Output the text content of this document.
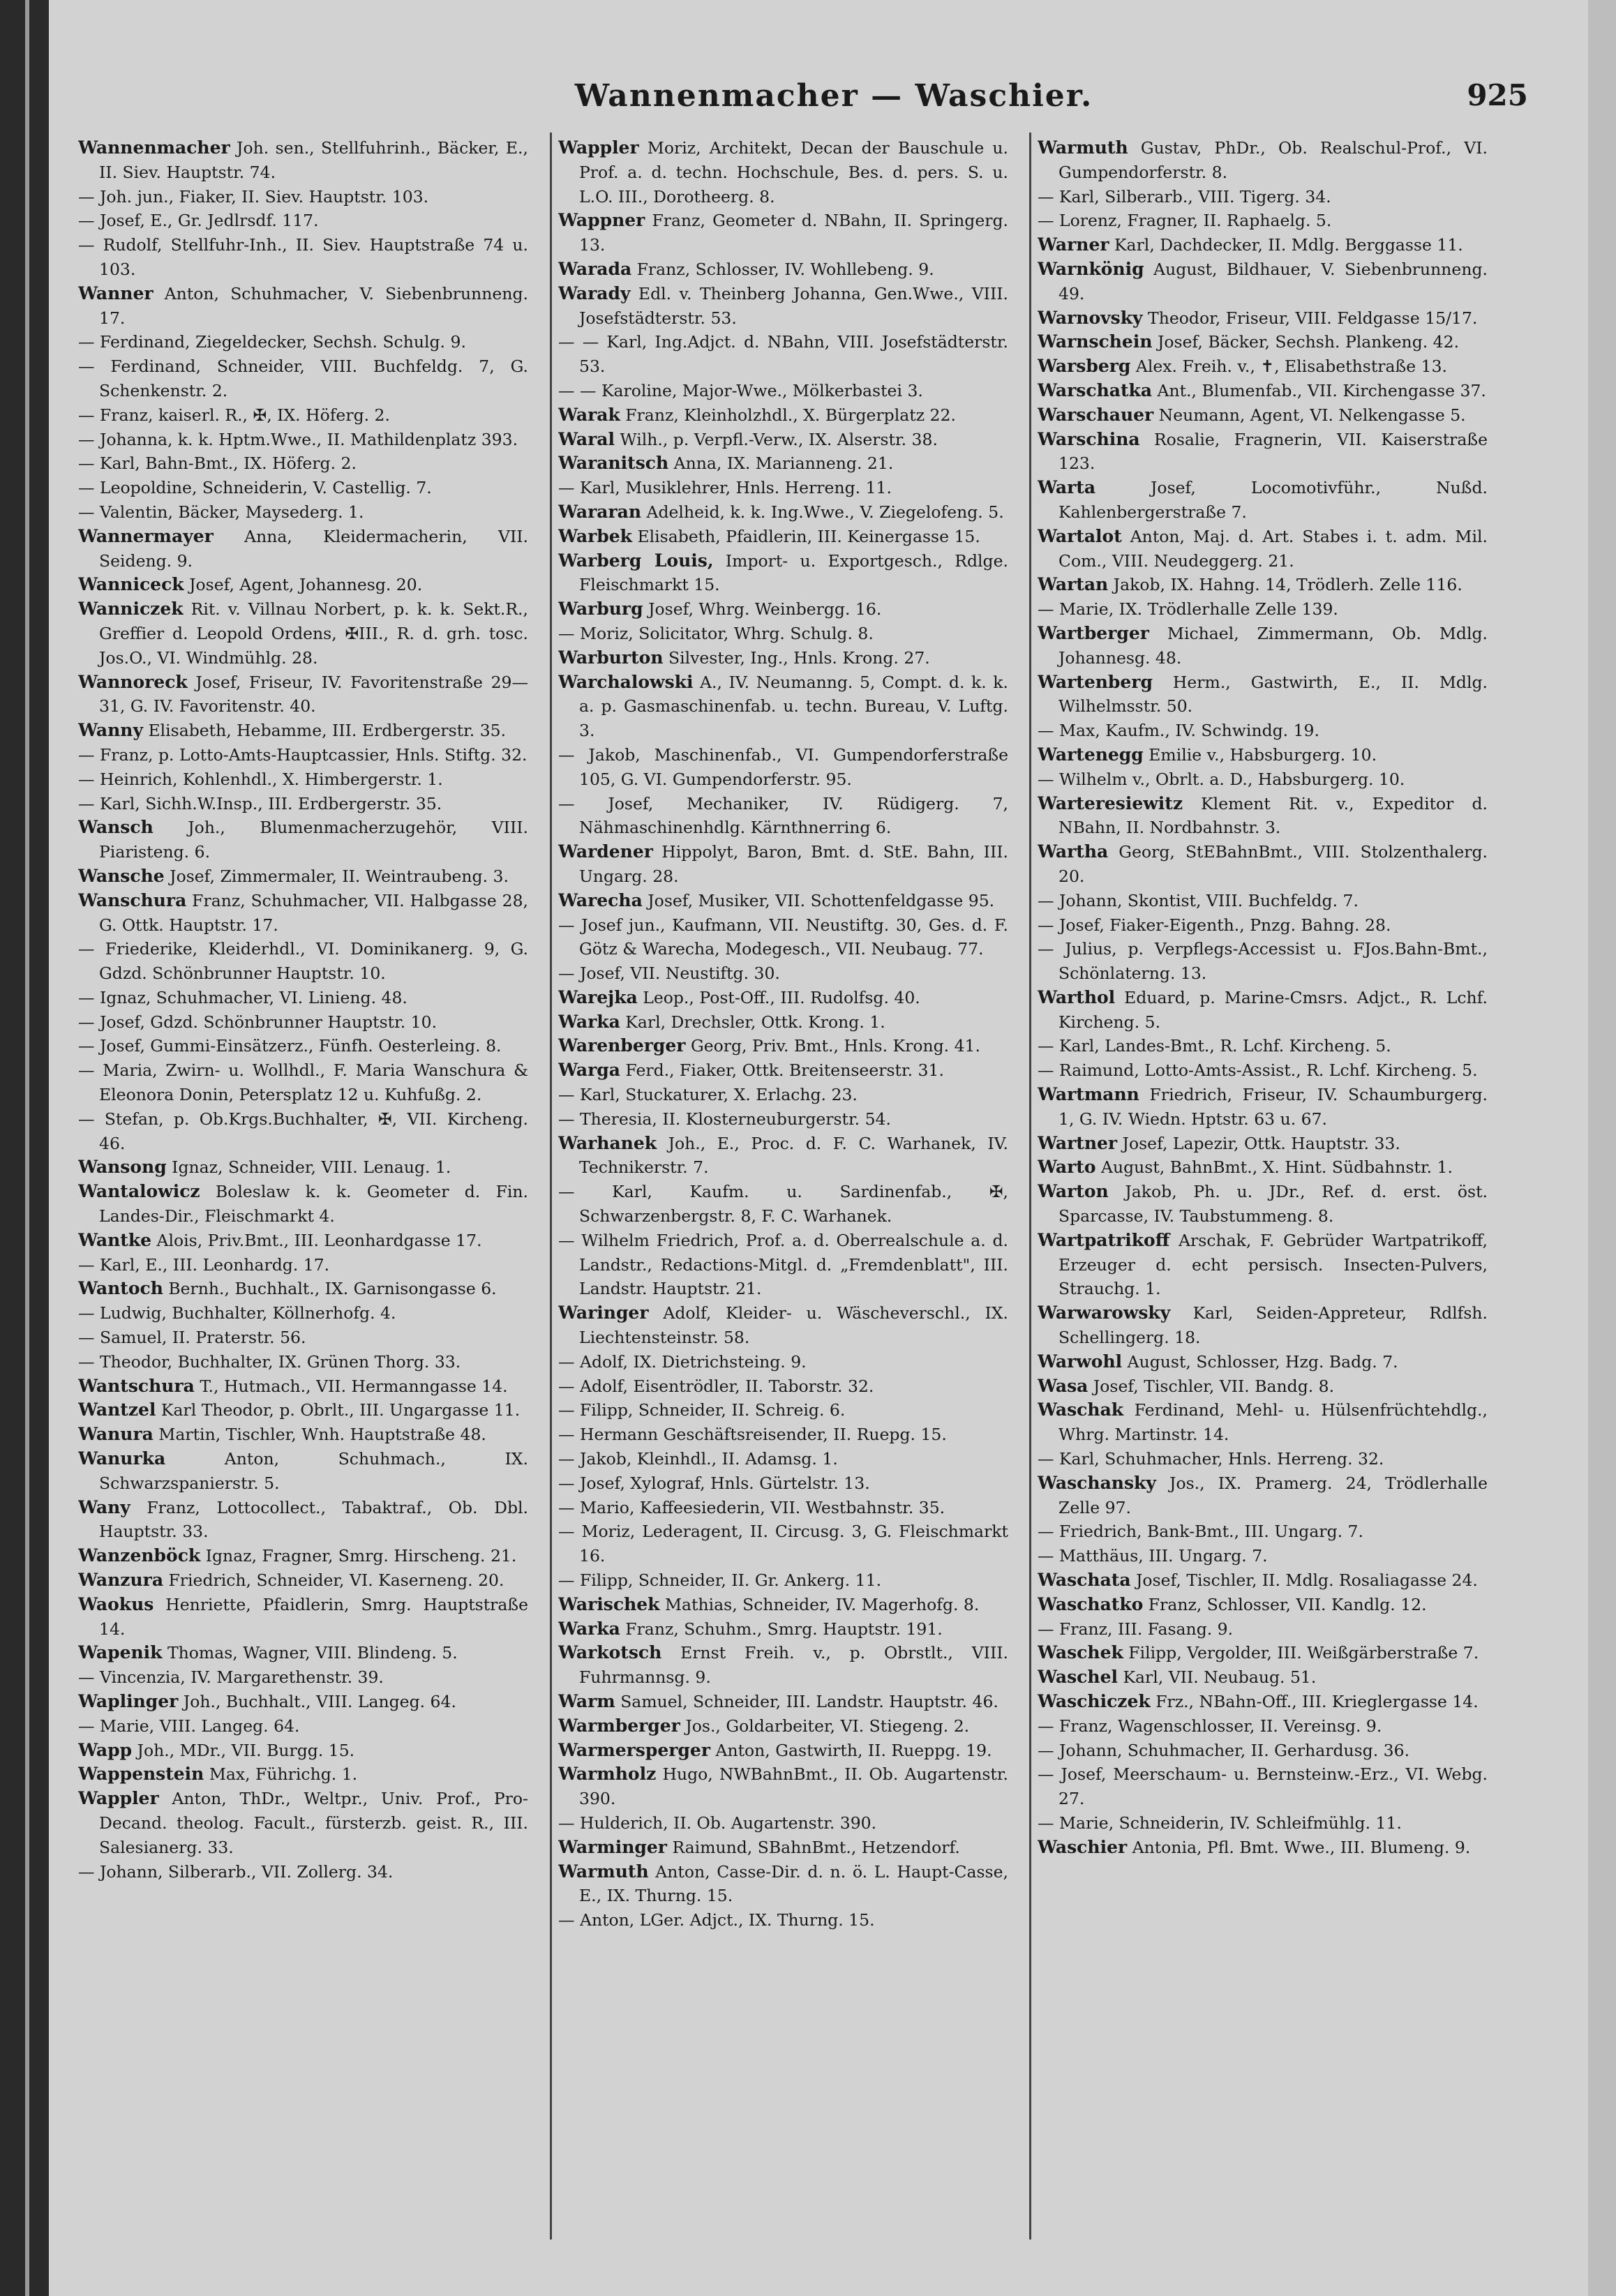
Wannenmacher — Waschier.	925
Wannenmacher Joh. sen., Stellfuhrinh., Bäcker, E., II. Siev. Hauptstr. 74.
— Joh. jun., Fiaker, II. Siev. Hauptstr. 103.
— Josef, E., Gr. Jedlrsdf. 117.
— Rudolf, Stellfuhr-Inh., II. Siev. Hauptstraße 74 u. 103.
Wanner Anton, Schuhmacher, V. Siebenbrunneng. 17.
— Ferdinand, Ziegeldecker, Sechsh. Schulg. 9.
— Ferdinand, Schneider, VIII. Buchfeldg. 7, G. Schenkenstr. 2.
— Franz, kaiserl. R., ✠, IX. Höferg. 2.
— Johanna, k. k. Hptm.Wwe., II. Mathildenplatz 393.
— Karl, Bahn-Bmt., IX. Höferg. 2.
— Leopoldine, Schneiderin, V. Castellig. 7.
— Valentin, Bäcker, Maysederg. 1.
Wannermayer Anna, Kleidermacherin, VII. Seideng. 9.
Wanniceck Josef, Agent, Johannesg. 20.
Wanniczek Rit. v. Villnau Norbert, p. k. k. Sekt.R., Greffier d. Leopold Ordens, ✠III., R. d. grh. tosc. Jos.O., VI. Windmühlg. 28.
Wannoreck Josef, Friseur, IV. Favoritenstraße 29—31, G. IV. Favoritenstr. 40.
Wanny Elisabeth, Hebamme, III. Erdbergerstr. 35.
— Franz, p. Lotto-Amts-Hauptcassier, Hnls. Stiftg. 32.
— Heinrich, Kohlenhdl., X. Himbergerstr. 1.
— Karl, Sichh.W.Insp., III. Erdbergerstr. 35.
Wansch Joh., Blumenmacherzugehör, VIII. Piaristeng. 6.
Wansche Josef, Zimmermaler, II. Weintraubeng. 3.
Wanschura Franz, Schuhmacher, VII. Halbgasse 28, G. Ottk. Hauptstr. 17.
— Friederike, Kleiderhdl., VI. Dominikanerg. 9, G. Gdzd. Schönbrunner Hauptstr. 10.
— Ignaz, Schuhmacher, VI. Linieng. 48.
— Josef, Gdzd. Schönbrunner Hauptstr. 10.
— Josef, Gummi-Einsätzerz., Fünfh. Oesterleing. 8.
— Maria, Zwirn- u. Wollhdl., F. Maria Wanschura & Eleonora Donin, Petersplatz 12 u. Kuhfußg. 2.
— Stefan, p. Ob.Krgs.Buchhalter, ✠, VII. Kircheng. 46.
Wansong Ignaz, Schneider, VIII. Lenaug. 1.
Wantalowicz Boleslaw k. k. Geometer d. Fin. Landes-Dir., Fleischmarkt 4.
Wantke Alois, Priv.Bmt., III. Leonhardgasse 17.
— Karl, E., III. Leonhardg. 17.
Wantoch Bernh., Buchhalt., IX. Garnisongasse 6.
— Ludwig, Buchhalter, Köllnerhofg. 4.
— Samuel, II. Praterstr. 56.
— Theodor, Buchhalter, IX. Grünen Thorg. 33.
Wantschura T., Hutmach., VII. Hermanngasse 14.
Wantzel Karl Theodor, p. Obrlt., III. Ungargasse 11.
Wanura Martin, Tischler, Wnh. Hauptstraße 48.
Wanurka Anton, Schuhmach., IX. Schwarzspanierstr. 5.
Wany Franz, Lottocollect., Tabaktraf., Ob. Dbl. Hauptstr. 33.
Wanzenböck Ignaz, Fragner, Smrg. Hirscheng. 21.
Wanzura Friedrich, Schneider, VI. Kaserneng. 20.
Waokus Henriette, Pfaidlerin, Smrg. Hauptstraße 14.
Wapenik Thomas, Wagner, VIII. Blindeng. 5.
— Vincenzia, IV. Margarethenstr. 39.
Waplinger Joh., Buchhalt., VIII. Langeg. 64.
— Marie, VIII. Langeg. 64.
Wapp Joh., MDr., VII. Burgg. 15.
Wappenstein Max, Führichg. 1.
Wappler Anton, ThDr., Weltpr., Univ. Prof., Pro-Decand. theolog. Facult., fürsterzb. geist. R., III. Salesianerg. 33.
— Johann, Silberarb., VII. Zollerg. 34.
Wappler Moriz, Architekt, Decan der Bauschule u. Prof. a. d. techn. Hochschule, Bes. d. pers. S. u. L.O. III., Dorotheerg. 8.
Wappner Franz, Geometer d. NBahn, II. Springerg. 13.
Warada Franz, Schlosser, IV. Wohllebeng. 9.
Warady Edl. v. Theinberg Johanna, Gen.Wwe., VIII. Josefstädterstr. 53.
— — Karl, Ing.Adjct. d. NBahn, VIII. Josefstädterstr. 53.
— — Karoline, Major-Wwe., Mölkerbastei 3.
Warak Franz, Kleinholzhdl., X. Bürgerplatz 22.
Waral Wilh., p. Verpfl.-Verw., IX. Alserstr. 38.
Waranitsch Anna, IX. Marianneng. 21.
— Karl, Musiklehrer, Hnls. Herreng. 11.
Wararan Adelheid, k. k. Ing.Wwe., V. Ziegelofeng. 5.
Warbek Elisabeth, Pfaidlerin, III. Keinergasse 15.
Warberg Louis, Import- u. Exportgesch., Rdlge. Fleischmarkt 15.
Warburg Josef, Whrg. Weinbergg. 16.
— Moriz, Solicitator, Whrg. Schulg. 8.
Warburton Silvester, Ing., Hnls. Krong. 27.
Warchalowski A., IV. Neumanng. 5, Compt. d. k. k. a. p. Gasmaschinenfab. u. techn. Bureau, V. Luftg. 3.
— Jakob, Maschinenfab., VI. Gumpendorferstraße 105, G. VI. Gumpendorferstr. 95.
— Josef, Mechaniker, IV. Rüdigerg. 7, Nähmaschinenhdlg. Kärnthnerring 6.
Wardener Hippolyt, Baron, Bmt. d. StE. Bahn, III. Ungarg. 28.
Warecha Josef, Musiker, VII. Schottenfeldgasse 95.
— Josef jun., Kaufmann, VII. Neustiftg. 30, Ges. d. F. Götz & Warecha, Modegesch., VII. Neubaug. 77.
— Josef, VII. Neustiftg. 30.
Warejka Leop., Post-Off., III. Rudolfsg. 40.
Warka Karl, Drechsler, Ottk. Krong. 1.
Warenberger Georg, Priv. Bmt., Hnls. Krong. 41.
Warga Ferd., Fiaker, Ottk. Breitenseerstr. 31.
— Karl, Stuckaturer, X. Erlachg. 23.
— Theresia, II. Klosterneuburgerstr. 54.
Warhanek Joh., E., Proc. d. F. C. Warhanek, IV. Technikerstr. 7.
— Karl, Kaufm. u. Sardinenfab., ✠, Schwarzenbergstr. 8, F. C. Warhanek.
— Wilhelm Friedrich, Prof. a. d. Oberrealschule a. d. Landstr., Redactions-Mitgl. d. „Fremdenblatt", III. Landstr. Hauptstr. 21.
Waringer Adolf, Kleider- u. Wäscheverschl., IX. Liechtensteinstr. 58.
— Adolf, IX. Dietrichsteing. 9.
— Adolf, Eisentrödler, II. Taborstr. 32.
— Filipp, Schneider, II. Schreig. 6.
— Hermann Geschäftsreisender, II. Ruepg. 15.
— Jakob, Kleinhdl., II. Adamsg. 1.
— Josef, Xylograf, Hnls. Gürtelstr. 13.
— Mario, Kaffeesiederin, VII. Westbahnstr. 35.
— Moriz, Lederagent, II. Circusg. 3, G. Fleischmarkt 16.
— Filipp, Schneider, II. Gr. Ankerg. 11.
Warischek Mathias, Schneider, IV. Magerhofg. 8.
Warka Franz, Schuhm., Smrg. Hauptstr. 191.
Warkotsch Ernst Freih. v., p. Obrstlt., VIII. Fuhrmannsg. 9.
Warm Samuel, Schneider, III. Landstr. Hauptstr. 46.
Warmberger Jos., Goldarbeiter, VI. Stiegeng. 2.
Warmersperger Anton, Gastwirth, II. Rueppg. 19.
Warmholz Hugo, NWBahnBmt., II. Ob. Augartenstr. 390.
— Hulderich, II. Ob. Augartenstr. 390.
Warminger Raimund, SBahnBmt., Hetzendorf.
Warmuth Anton, Casse-Dir. d. n. ö. L. Haupt-Casse, E., IX. Thurng. 15.
— Anton, LGer. Adjct., IX. Thurng. 15.
Warmuth Gustav, PhDr., Ob. Realschul-Prof., VI. Gumpendorferstr. 8.
— Karl, Silberarb., VIII. Tigerg. 34.
— Lorenz, Fragner, II. Raphaelg. 5.
Warner Karl, Dachdecker, II. Mdlg. Berggasse 11.
Warnkönig August, Bildhauer, V. Siebenbrunneng. 49.
Warnovsky Theodor, Friseur, VIII. Feldgasse 15/17.
Warnschein Josef, Bäcker, Sechsh. Plankeng. 42.
Warsberg Alex. Freih. v., ✝, Elisabethstraße 13.
Warschatka Ant., Blumenfab., VII. Kirchengasse 37.
Warschauer Neumann, Agent, VI. Nelkengasse 5.
Warschina Rosalie, Fragnerin, VII. Kaiserstraße 123.
Warta Josef, Locomotivführ., Nußd. Kahlenbergerstraße 7.
Wartalot Anton, Maj. d. Art. Stabes i. t. adm. Mil. Com., VIII. Neudeggerg. 21.
Wartan Jakob, IX. Hahng. 14, Trödlerh. Zelle 116.
— Marie, IX. Trödlerhalle Zelle 139.
Wartberger Michael, Zimmermann, Ob. Mdlg. Johannesg. 48.
Wartenberg Herm., Gastwirth, E., II. Mdlg. Wilhelmsstr. 50.
— Max, Kaufm., IV. Schwindg. 19.
Wartenegg Emilie v., Habsburgerg. 10.
— Wilhelm v., Obrlt. a. D., Habsburgerg. 10.
Warteresiewitz Klement Rit. v., Expeditor d. NBahn, II. Nordbahnstr. 3.
Wartha Georg, StEBahnBmt., VIII. Stolzenthalerg. 20.
— Johann, Skontist, VIII. Buchfeldg. 7.
— Josef, Fiaker-Eigenth., Pnzg. Bahng. 28.
— Julius, p. Verpflegs-Accessist u. FJos.Bahn-Bmt., Schönlaterng. 13.
Warthol Eduard, p. Marine-Cmsrs. Adjct., R. Lchf. Kircheng. 5.
— Karl, Landes-Bmt., R. Lchf. Kircheng. 5.
— Raimund, Lotto-Amts-Assist., R. Lchf. Kircheng. 5.
Wartmann Friedrich, Friseur, IV. Schaumburgerg. 1, G. IV. Wiedn. Hptstr. 63 u. 67.
Wartner Josef, Lapezir, Ottk. Hauptstr. 33.
Warto August, BahnBmt., X. Hint. Südbahnstr. 1.
Warton Jakob, Ph. u. JDr., Ref. d. erst. öst. Sparcasse, IV. Taubstummeng. 8.
Wartpatrikoff Arschak, F. Gebrüder Wartpatrikoff, Erzeuger d. echt persisch. Insecten-Pulvers, Strauchg. 1.
Warwarowsky Karl, Seiden-Appreteur, Rdlfsh. Schellingerg. 18.
Warwohl August, Schlosser, Hzg. Badg. 7.
Wasa Josef, Tischler, VII. Bandg. 8.
Waschak Ferdinand, Mehl- u. Hülsenfrüchtehdlg., Whrg. Martinstr. 14.
— Karl, Schuhmacher, Hnls. Herreng. 32.
Waschansky Jos., IX. Pramerg. 24, Trödlerhalle Zelle 97.
— Friedrich, Bank-Bmt., III. Ungarg. 7.
— Matthäus, III. Ungarg. 7.
Waschata Josef, Tischler, II. Mdlg. Rosaliagasse 24.
Waschatko Franz, Schlosser, VII. Kandlg. 12.
— Franz, III. Fasang. 9.
Waschek Filipp, Vergolder, III. Weißgärberstraße 7.
Waschel Karl, VII. Neubaug. 51.
Waschiczek Frz., NBahn-Off., III. Krieglergasse 14.
— Franz, Wagenschlosser, II. Vereinsg. 9.
— Johann, Schuhmacher, II. Gerhardusg. 36.
— Josef, Meerschaum- u. Bernsteinw.-Erz., VI. Webg. 27.
— Marie, Schneiderin, IV. Schleifmühlg. 11.
Waschier Antonia, Pfl. Bmt. Wwe., III. Blumeng. 9.
